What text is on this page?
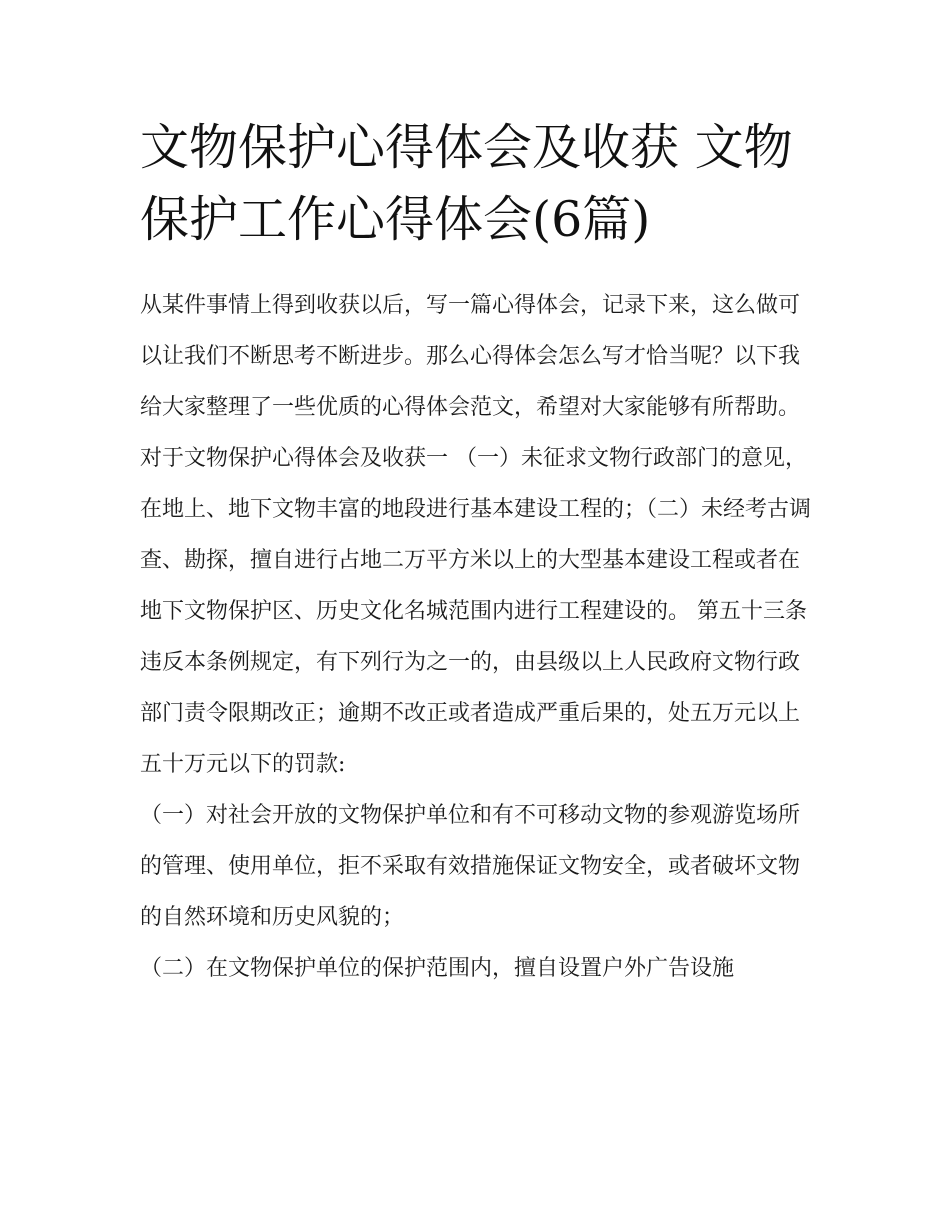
文物保护心得体会及收获 文物保护工作心得体会(6篇)

从某件事情上得到收获以后，写一篇心得体会，记录下来，这么做可以让我们不断思考不断进步。那么心得体会怎么写才恰当呢？以下我给大家整理了一些优质的心得体会范文，希望对大家能够有所帮助。

对于文物保护心得体会及收获一 （一）未征求文物行政部门的意见，在地上、地下文物丰富的地段进行基本建设工程的；（二）未经考古调查、勘探，擅自进行占地二万平方米以上的大型基本建设工程或者在地下文物保护区、历史文化名城范围内进行工程建设的。 第五十三条

违反本条例规定，有下列行为之一的，由县级以上人民政府文物行政部门责令限期改正；逾期不改正或者造成严重后果的，处五万元以上五十万元以下的罚款:

（一）对社会开放的文物保护单位和有不可移动文物的参观游览场所的管理、使用单位，拒不采取有效措施保证文物安全，或者破坏文物的自然环境和历史风貌的；

（二）在文物保护单位的保护范围内，擅自设置户外广告设施
